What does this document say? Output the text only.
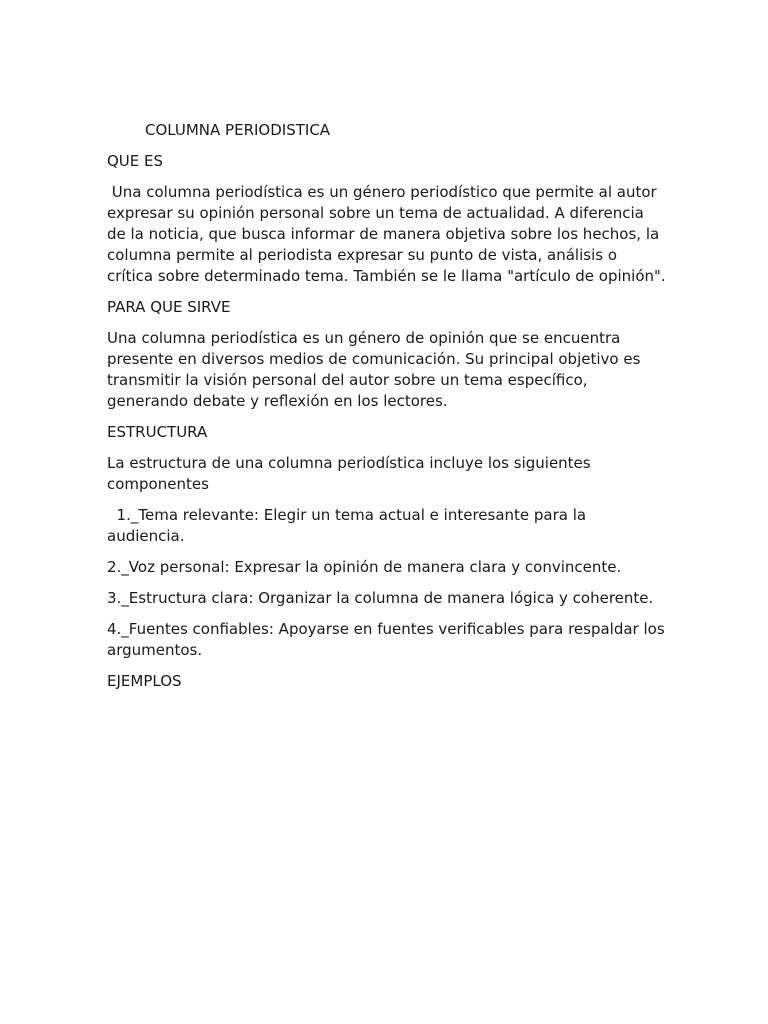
COLUMNA PERIODISTICA

QUE ES

Una columna periodística es un género periodístico que permite al autor expresar su opinión personal sobre un tema de actualidad. A diferencia de la noticia, que busca informar de manera objetiva sobre los hechos, la columna permite al periodista expresar su punto de vista, análisis o crítica sobre determinado tema. También se le llama "artículo de opinión".

PARA QUE SIRVE

Una columna periodística es un género de opinión que se encuentra presente en diversos medios de comunicación. Su principal objetivo es transmitir la visión personal del autor sobre un tema específico, generando debate y reflexión en los lectores.

ESTRUCTURA

La estructura de una columna periodística incluye los siguientes componentes

1._Tema relevante: Elegir un tema actual e interesante para la audiencia.

2._Voz personal: Expresar la opinión de manera clara y convincente.

3._Estructura clara: Organizar la columna de manera lógica y coherente.

4._Fuentes confiables: Apoyarse en fuentes verificables para respaldar los argumentos.

EJEMPLOS
